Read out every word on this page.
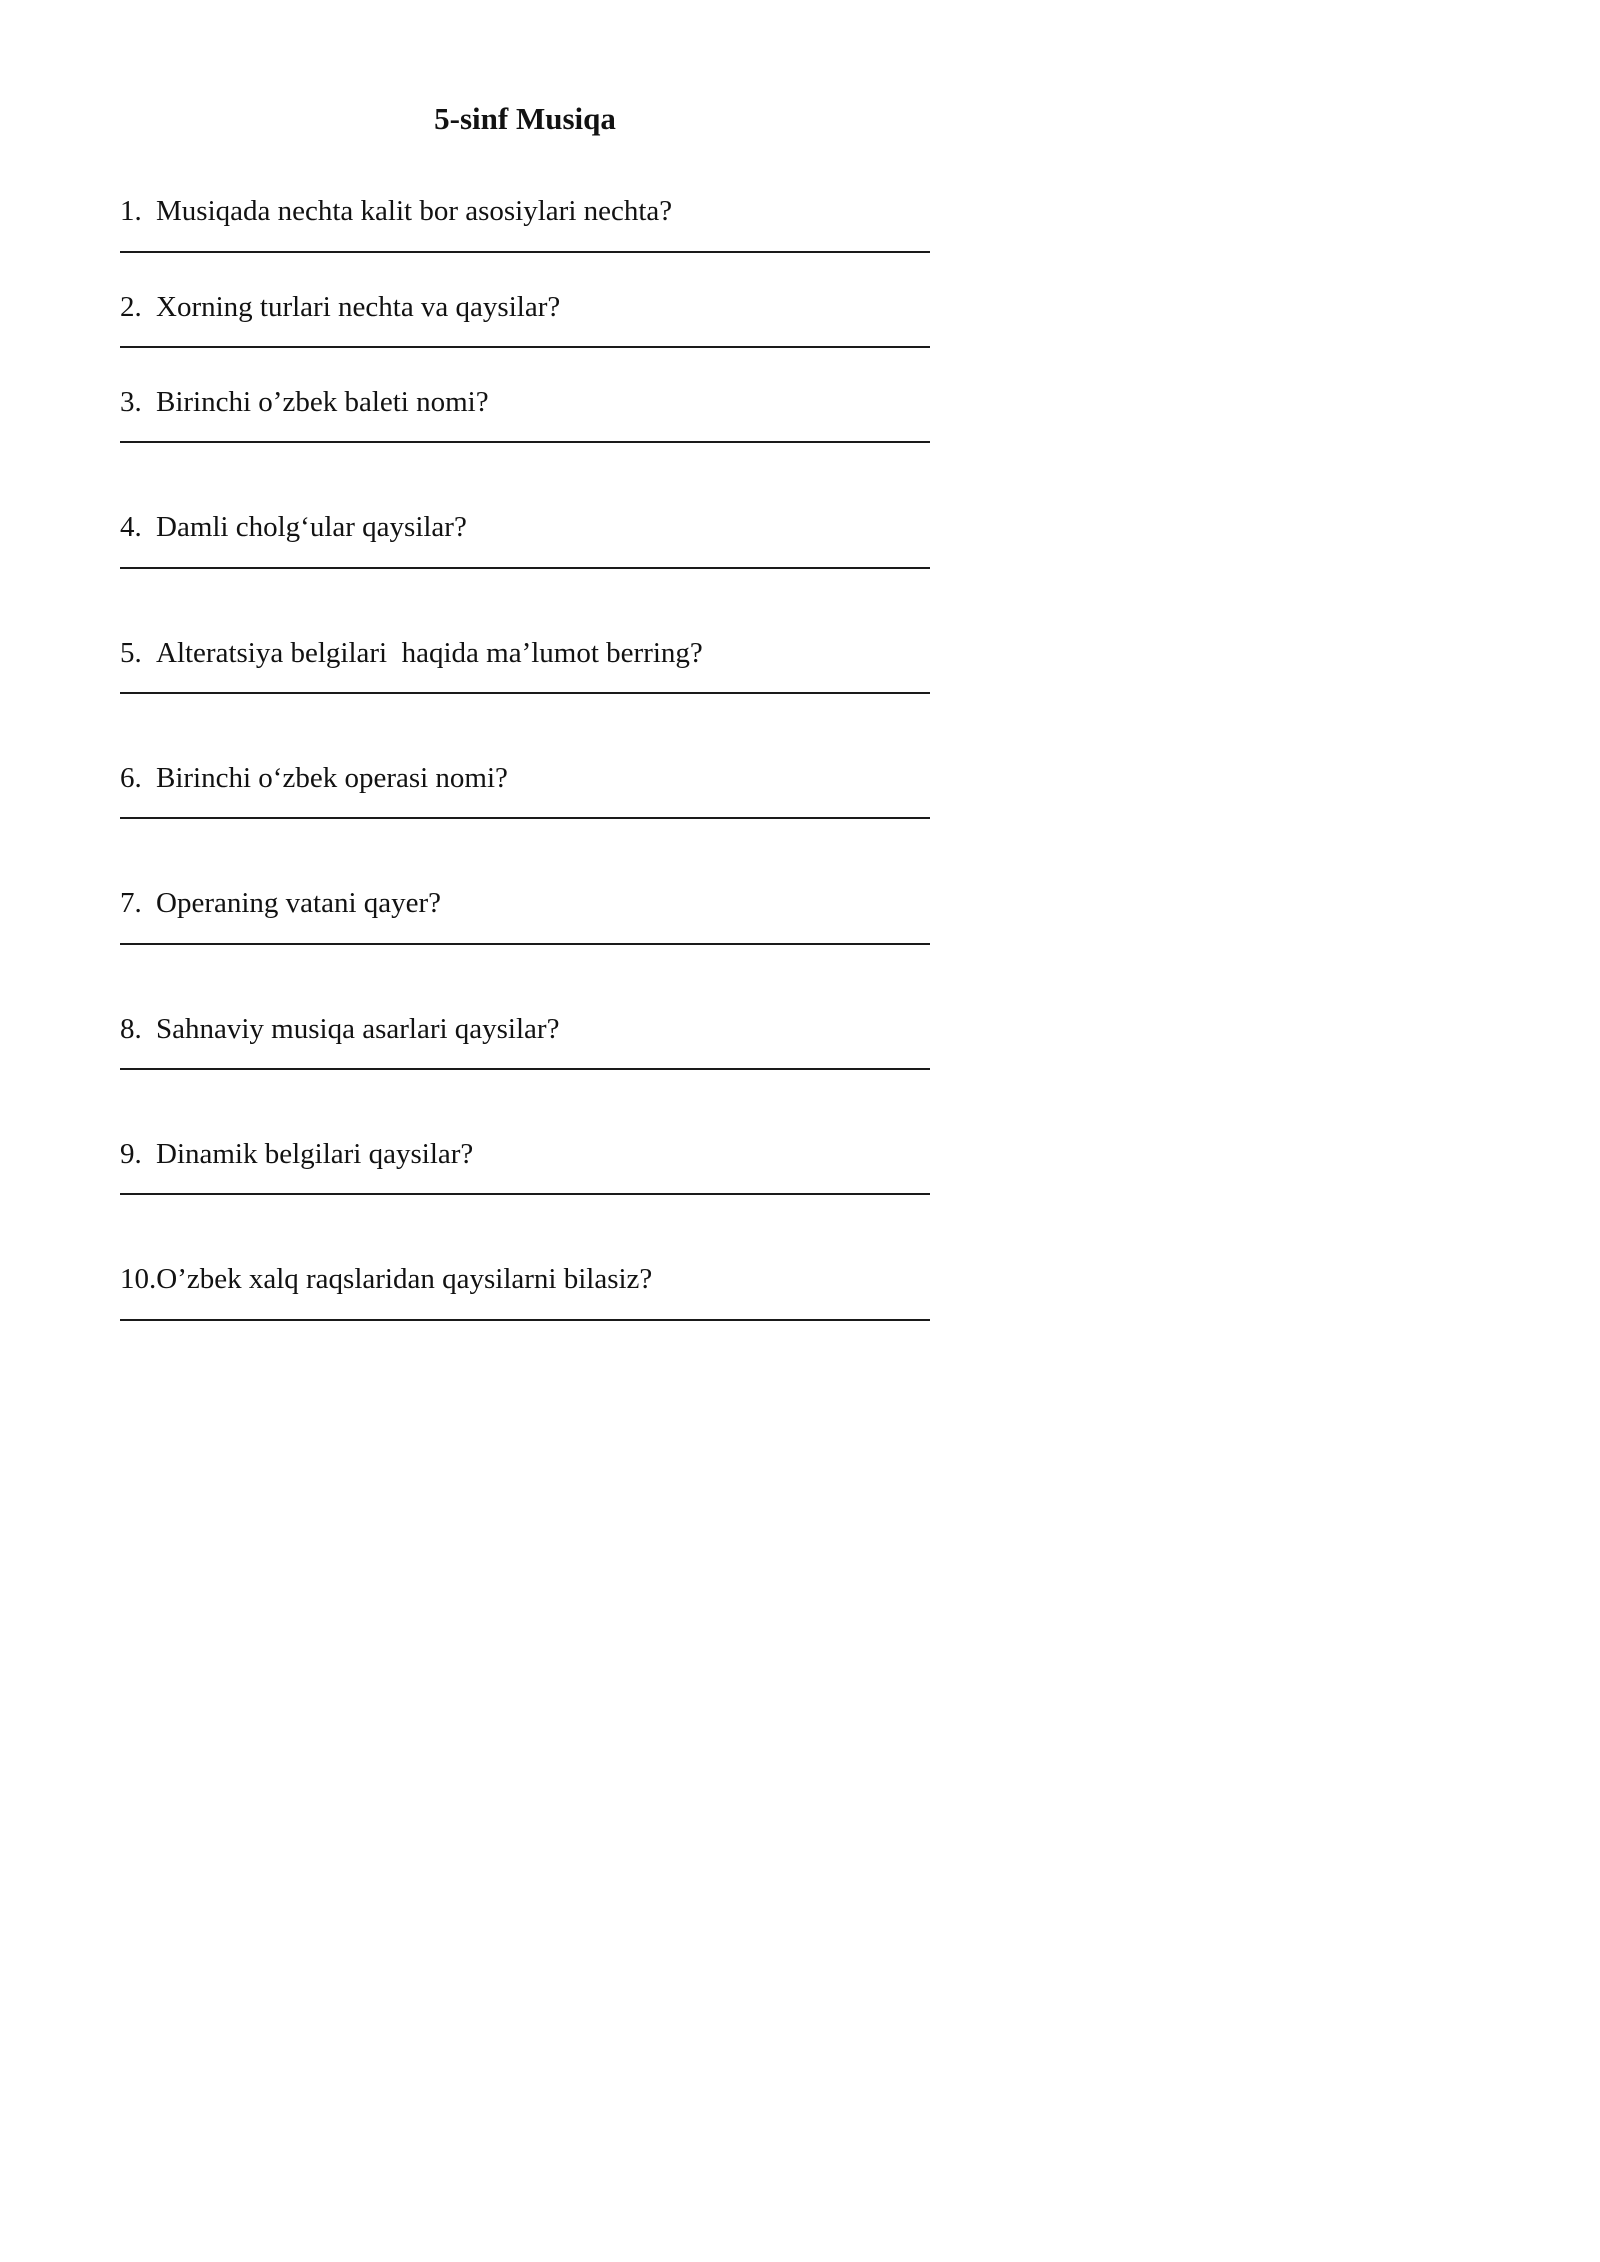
5-sinf Musiqa

1. Musiqada nechta kalit bor asosiylari nechta?

2. Xorning turlari nechta va qaysilar?

3. Birinchi o’zbek baleti nomi?

4. Damli cholg‘ular qaysilar?

5. Alteratsiya belgilari  haqida ma’lumot berring?

6. Birinchi o‘zbek operasi nomi?

7. Operaning vatani qayer?

8. Sahnaviy musiqa asarlari qaysilar?

9. Dinamik belgilari qaysilar?

10.O’zbek xalq raqslaridan qaysilarni bilasiz?
